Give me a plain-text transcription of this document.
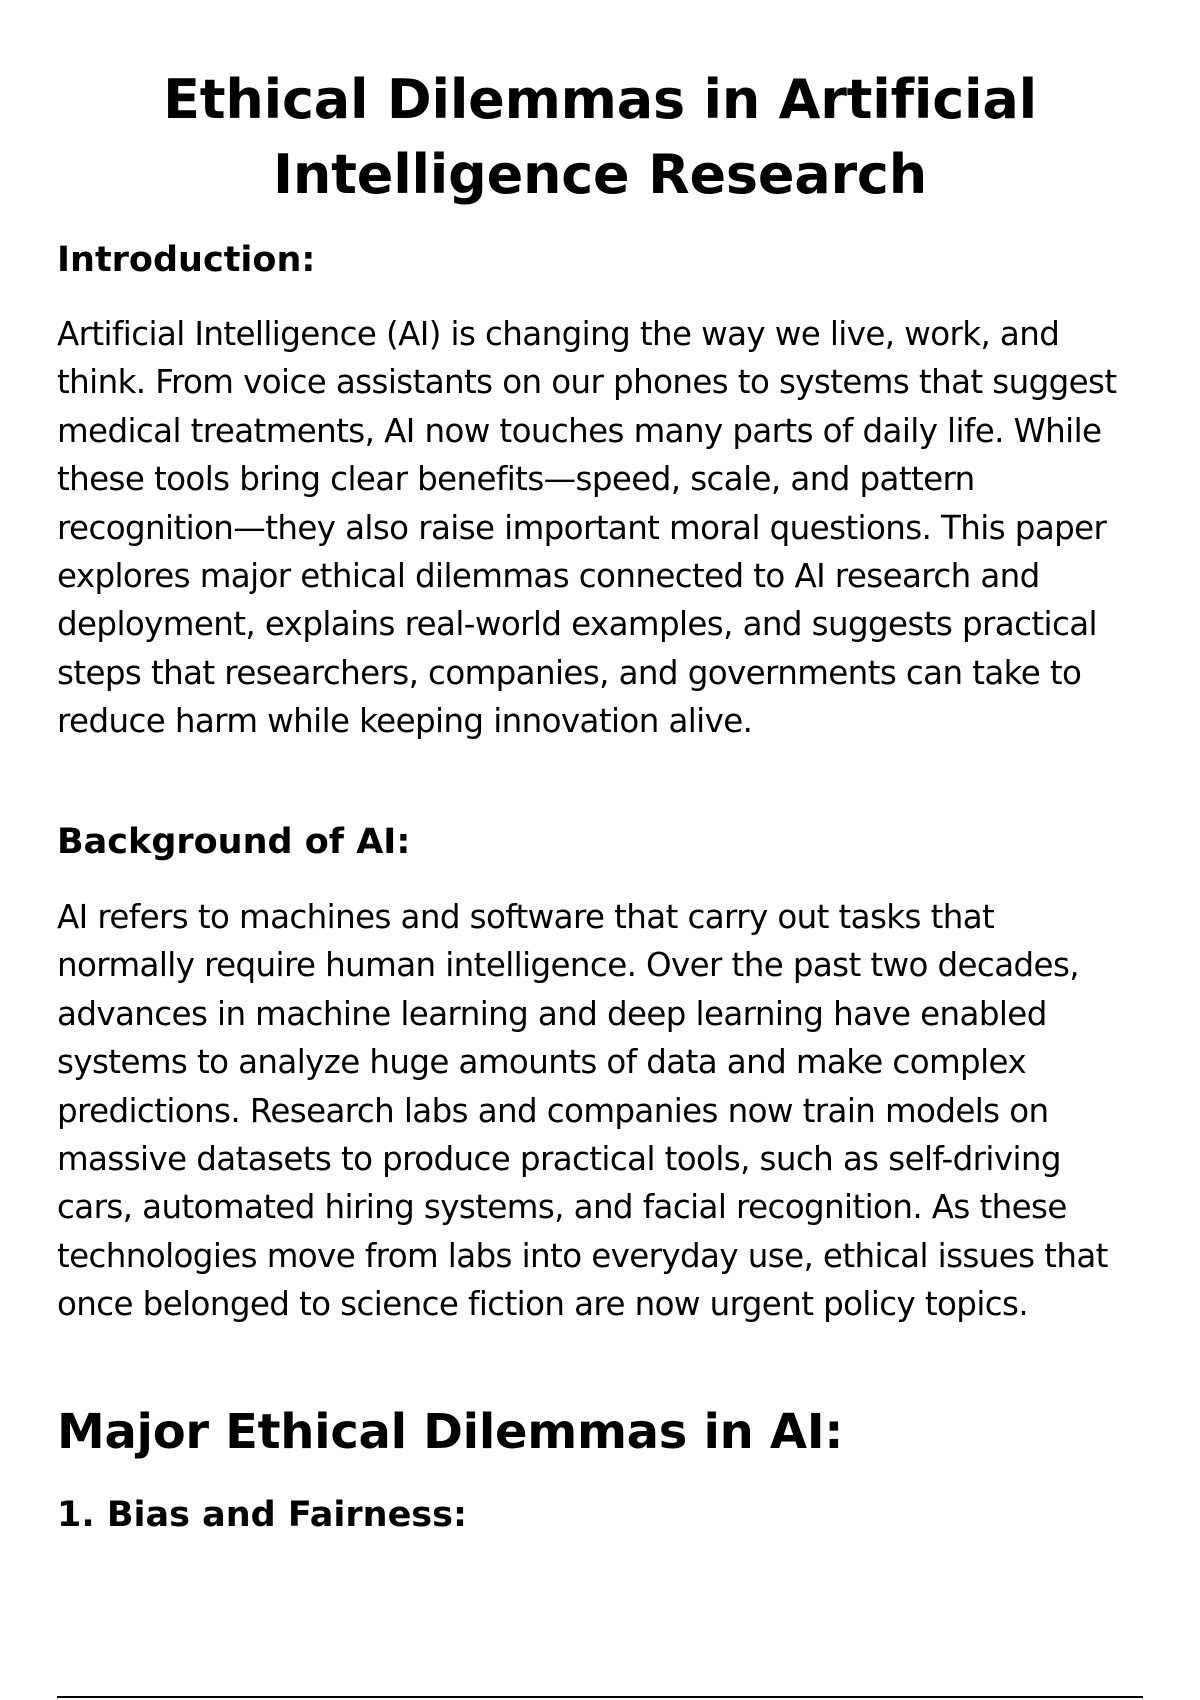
Ethical Dilemmas in Artificial Intelligence Research
Introduction:

Artificial Intelligence (AI) is changing the way we live, work, and think. From voice assistants on our phones to systems that suggest medical treatments, AI now touches many parts of daily life. While these tools bring clear benefits—speed, scale, and pattern recognition—they also raise important moral questions. This paper explores major ethical dilemmas connected to AI research and deployment, explains real-world examples, and suggests practical steps that researchers, companies, and governments can take to reduce harm while keeping innovation alive.

Background of AI:

AI refers to machines and software that carry out tasks that normally require human intelligence. Over the past two decades, advances in machine learning and deep learning have enabled systems to analyze huge amounts of data and make complex predictions. Research labs and companies now train models on massive datasets to produce practical tools, such as self-driving cars, automated hiring systems, and facial recognition. As these technologies move from labs into everyday use, ethical issues that once belonged to science fiction are now urgent policy topics.

Major Ethical Dilemmas in AI:
1. Bias and Fairness:
